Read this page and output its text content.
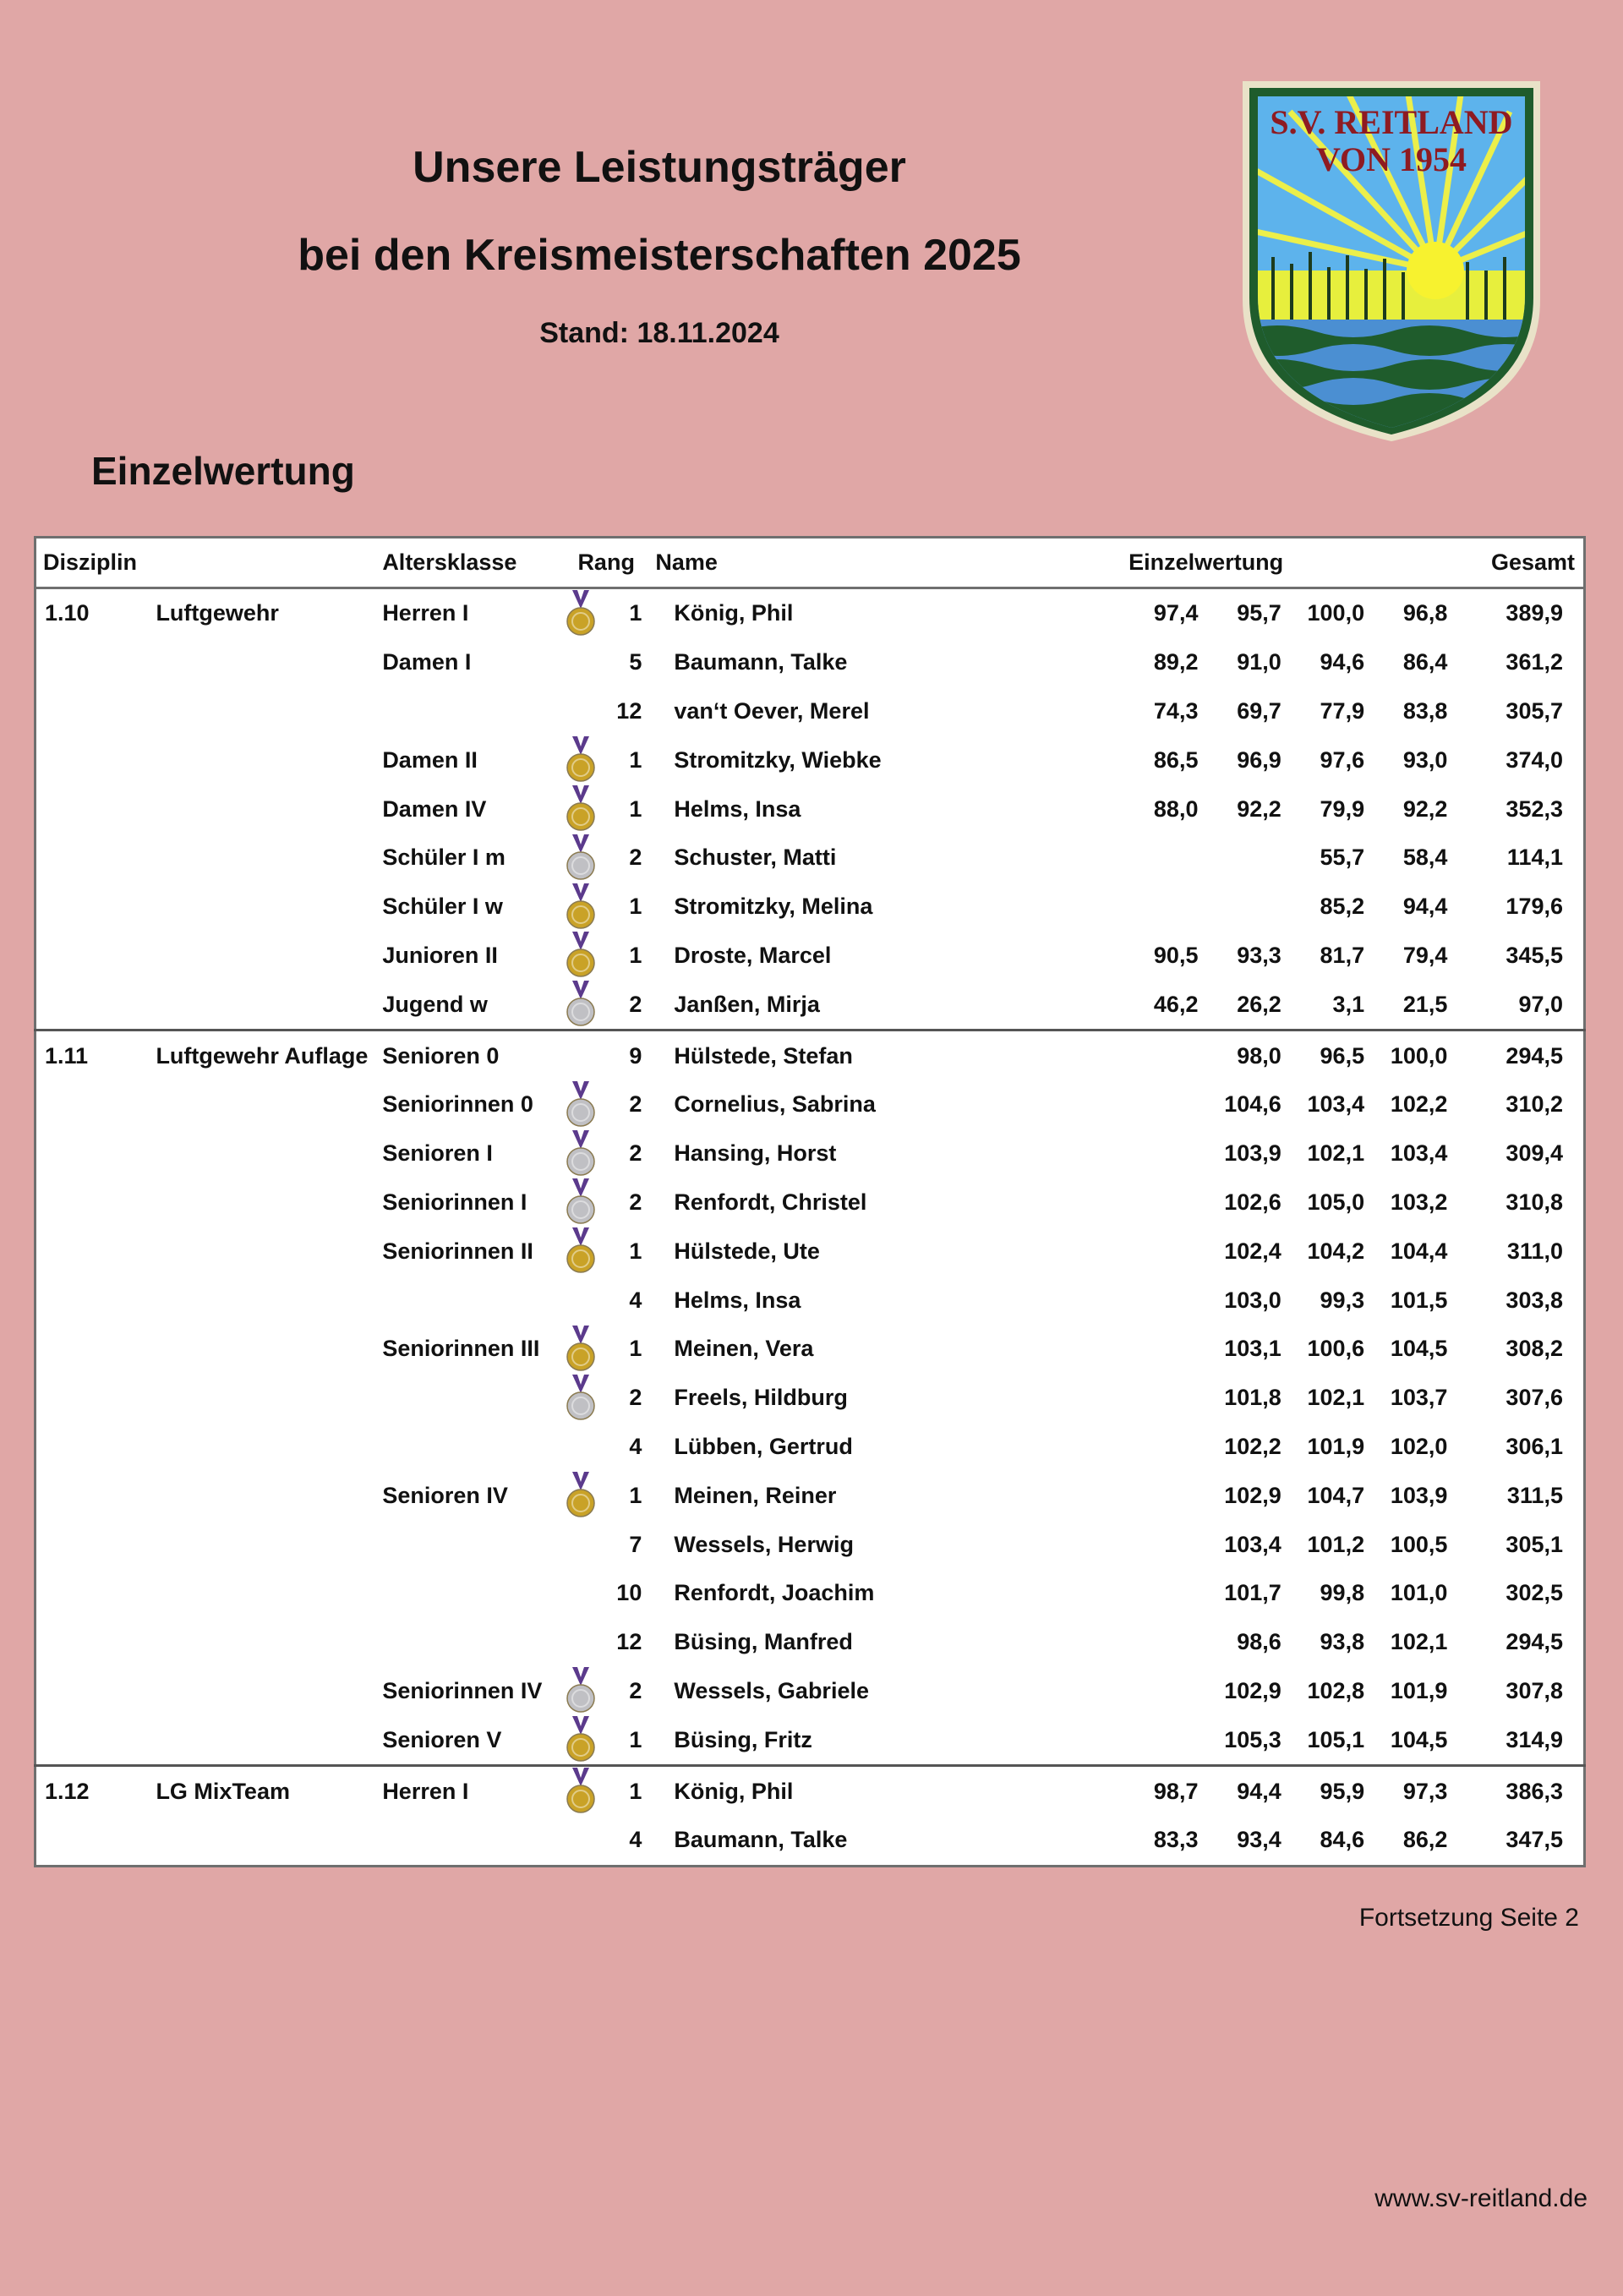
Unsere Leistungsträger
bei den Kreismeisterschaften 2025

Stand: 18.11.2024

S.V. REITLAND
VON 1954
Einzelwertung
Disziplin		Altersklasse	Rang		Name	Einzelwertung				Gesamt
1.10	Luftgewehr	Herren I		1	König, Phil	97,4	95,7	100,0	96,8	389,9
		Damen I		5	Baumann, Talke	89,2	91,0	94,6	86,4	361,2
				12	van‘t Oever, Merel	74,3	69,7	77,9	83,8	305,7
		Damen II		1	Stromitzky, Wiebke	86,5	96,9	97,6	93,0	374,0
		Damen IV		1	Helms, Insa	88,0	92,2	79,9	92,2	352,3
		Schüler I m		2	Schuster, Matti			55,7	58,4	114,1
		Schüler I w		1	Stromitzky, Melina			85,2	94,4	179,6
		Junioren II		1	Droste, Marcel	90,5	93,3	81,7	79,4	345,5
		Jugend w		2	Janßen, Mirja	46,2	26,2	3,1	21,5	97,0
1.11	Luftgewehr Auflage	Senioren 0		9	Hülstede, Stefan		98,0	96,5	100,0	294,5
		Seniorinnen 0		2	Cornelius, Sabrina		104,6	103,4	102,2	310,2
		Senioren I		2	Hansing, Horst		103,9	102,1	103,4	309,4
		Seniorinnen I		2	Renfordt, Christel		102,6	105,0	103,2	310,8
		Seniorinnen II		1	Hülstede, Ute		102,4	104,2	104,4	311,0
				4	Helms, Insa		103,0	99,3	101,5	303,8
		Seniorinnen III		1	Meinen, Vera		103,1	100,6	104,5	308,2
				2	Freels, Hildburg		101,8	102,1	103,7	307,6
				4	Lübben, Gertrud		102,2	101,9	102,0	306,1
		Senioren IV		1	Meinen, Reiner		102,9	104,7	103,9	311,5
				7	Wessels, Herwig		103,4	101,2	100,5	305,1
				10	Renfordt, Joachim		101,7	99,8	101,0	302,5
				12	Büsing, Manfred		98,6	93,8	102,1	294,5
		Seniorinnen IV		2	Wessels, Gabriele		102,9	102,8	101,9	307,8
		Senioren V		1	Büsing, Fritz		105,3	105,1	104,5	314,9
1.12	LG MixTeam	Herren I		1	König, Phil	98,7	94,4	95,9	97,3	386,3
				4	Baumann, Talke	83,3	93,4	84,6	86,2	347,5

Fortsetzung Seite 2

www.sv-reitland.de
